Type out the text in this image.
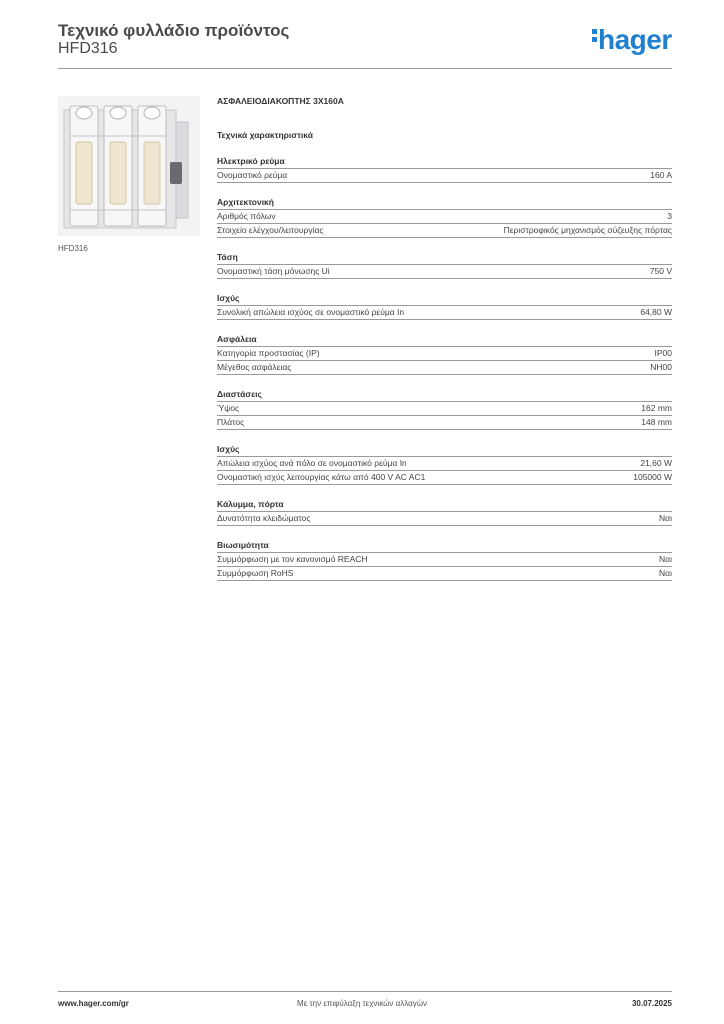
Τεχνικό φυλλάδιο προϊόντος
HFD316	hager
HFD316
ΑΣΦΑΛΕΙΟΔΙΑΚΟΠΤΗΣ 3X160A
Τεχνικά χαρακτηριστικά
Ηλεκτρικό ρεύμα
Ονομαστικό ρεύμα	160 A
Αρχιτεκτονική
Αριθμός πόλων	3
Στοιχείο ελέγχου/λειτουργίας	Περιστροφικός μηχανισμός σύζευξης πόρτας
Τάση
Ονομαστική τάση μόνωσης Ui	750 V
Ισχύς
Συνολική απώλεια ισχύος σε ονομαστικό ρεύμα In	64,80 W
Ασφάλεια
Κατηγορία προστασίας (IP)	IP00
Μέγεθος ασφάλειας	NH00
Διαστάσεις
Ύψος	162 mm
Πλάτος	148 mm
Ισχύς
Απώλεια ισχύος ανά πόλο σε ονομαστικό ρεύμα In	21,60 W
Ονομαστική ισχύς λειτουργίας κάτω από 400 V AC AC1	105000 W
Κάλυμμα, πόρτα
Δυνατότητα κλειδώματος	Ναι
Βιωσιμότητα
Συμμόρφωση με τον κανονισμό REACH	Ναι
Συμμόρφωση RoHS	Ναι
www.hager.com/gr	Με την επιφύλαξη τεχνικών αλλαγών	30.07.2025
